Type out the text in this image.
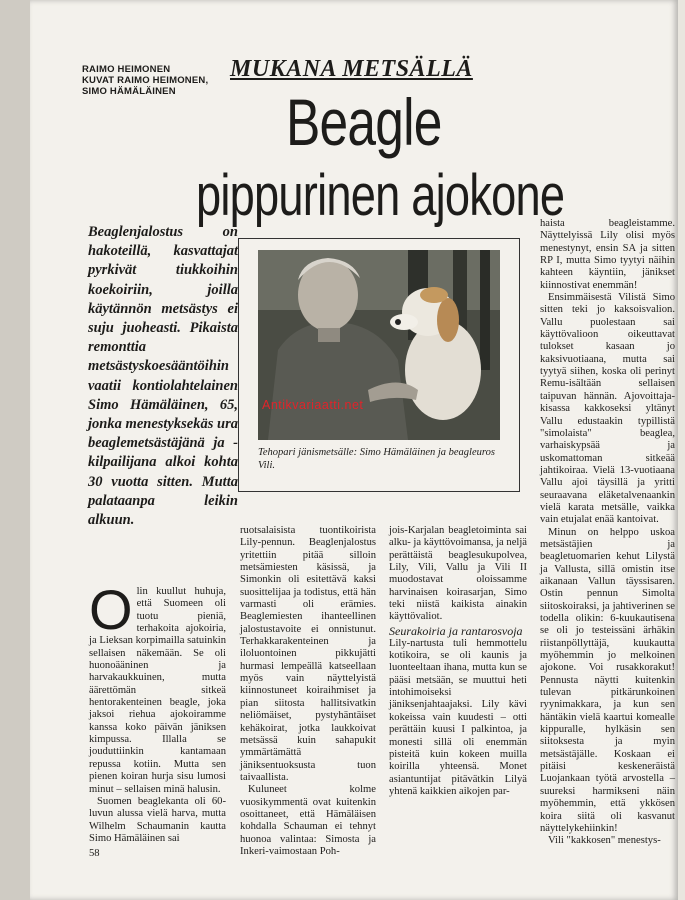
RAIMO HEIMONEN
KUVAT RAIMO HEIMONEN,
SIMO HÄMÄLÄINEN
MUKANA METSÄLLÄ
Beagle
pippurinen ajokone
Beaglenjalostus on hakoteillä, kasvattajat pyrkivät tiukkoihin koekoiriin, joilla käytännön metsästys ei suju juoheasti. Pikaista remonttia metsästyskoesääntöihin vaatii kontiolahtelainen Simo Hämäläinen, 65, jonka menestyksekäs ura beaglemetsästäjänä ja -kilpailijana alkoi kohta 30 vuotta sitten. Mutta palataanpa leikin alkuun.
Antikvariaatti.net
Tehopari jänismetsälle: Simo Hämäläinen ja beagleuros Vili.
O lin kuullut huhuja, että Suomeen oli tuotu pieniä, terhakoita ajokoiria, ja Lieksan korpimailla satuinkin sellaisen näkemään. Se oli huonoääninen ja harvakaukkuinen, mutta äärettömän sitkeä hentorakenteinen beagle, joka jaksoi riehua ajokoiramme kanssa koko päivän jäniksen kimpussa. Illalla se jouduttiinkin kantamaan repussa kotiin. Mutta sen pienen koiran hurja sisu lumosi minut – sellaisen minä halusin.

Suomen beaglekanta oli 60-luvun alussa vielä harva, mutta Wilhelm Schaumanin kautta Simo Hämäläinen sai

ruotsalaisista tuontikoirista Lily-pennun. Beaglenjalostus yritettiin pitää silloin metsämiesten käsissä, ja Simonkin oli esitettävä kaksi suosittelijaa ja todistus, että hän varmasti oli erämies. Beaglemiesten ihanteellinen jalostustavoite ei onnistunut. Terhakkarakenteinen ja iloluontoinen pikkujätti hurmasi lempeällä katseellaan myös vain näyttelyistä kiinnostuneet koiraihmiset ja pian siitosta hallitsivatkin neliömäiset, pystyhäntäiset kehäkoirat, jotka laukkoivat metsässä kuin sahapukit ymmärtämättä jäniksentuoksusta tuon taivaallista.

Kuluneet kolme vuosikymmentä ovat kuitenkin osoittaneet, että Hämäläisen kohdalla Schauman ei tehnyt huonoa valintaa: Simosta ja Inkeri-vaimostaan Poh-

jois-Karjalan beagletoiminta sai alku- ja käyttövoimansa, ja neljä perättäistä beaglesukupolvea, Lily, Vili, Vallu ja Vili II muodostavat oloissamme harvinaisen koirasarjan, Simo teki niistä kaikista ainakin käyttövaliot.

Seurakoiria ja rantarosvoja

Lily-nartusta tuli hemmottelu kotikoira, se oli kaunis ja luonteeltaan ihana, mutta kun se pääsi metsään, se muuttui heti intohimoiseksi jäniksenjahtaajaksi. Lily kävi kokeissa vain kuudesti – otti perättäin kuusi I palkintoa, ja monesti sillä oli enemmän pisteitä kuin kokeen muilla koirilla yhteensä. Monet asiantuntijat pitävätkin Lilyä yhtenä kaikkien aikojen par-

haista beagleistamme. Näyttelyissä Lily olisi myös menestynyt, ensin SA ja sitten RP I, mutta Simo tyytyi näihin kahteen käyntiin, jänikset kiinnostivat enemmän!

Ensimmäisestä Vilistä Simo sitten teki jo kaksoisvalion. Vallu puolestaan sai käyttövalioon oikeuttavat tulokset kasaan jo kaksivuotiaana, mutta sai tyytyä siihen, koska oli perinyt Remu-isältään sellaisen taipuvan hännän. Ajovoittaja-kisassa kakkoseksi yltänyt Vallu edustaakin typillistä "simolaista" beaglea, varhaiskypsää ja uskomattoman sitkeää jahtikoiraa. Vielä 13-vuotiaana Vallu ajoi täysillä ja yritti seuraavana eläketalvenaankin vielä karata metsälle, vaikka vain etujalat enää kantoivat.

Minun on helppo uskoa metsästäjien ja beagletuomarien kehut Lilystä ja Vallusta, sillä omistin itse aikanaan Vallun täyssisaren. Ostin pennun Simolta siitoskoiraksi, ja jahtiverinen se todella olikin: 6-kuukautisena se oli jo testeissäni ärhäkin riistanpöllyttäjä, kuukautta myöhemmin jo melkoinen ajokone. Voi rusakkorakut! Pennusta näytti kuitenkin tulevan pitkärunkoinen ryynimakkara, ja kun sen häntäkin vielä kaartui komealle kippuralle, hylkäsin sen siitoksesta ja myin metsästäjälle. Koskaan ei pitäisi keskeneräistä Luojankaan työtä arvostella – suureksi harmikseni näin myöhemmin, että ykkösen koira siitä oli kasvanut näyttelykehiinkin!

Vili "kakkosen" menestys-

58
